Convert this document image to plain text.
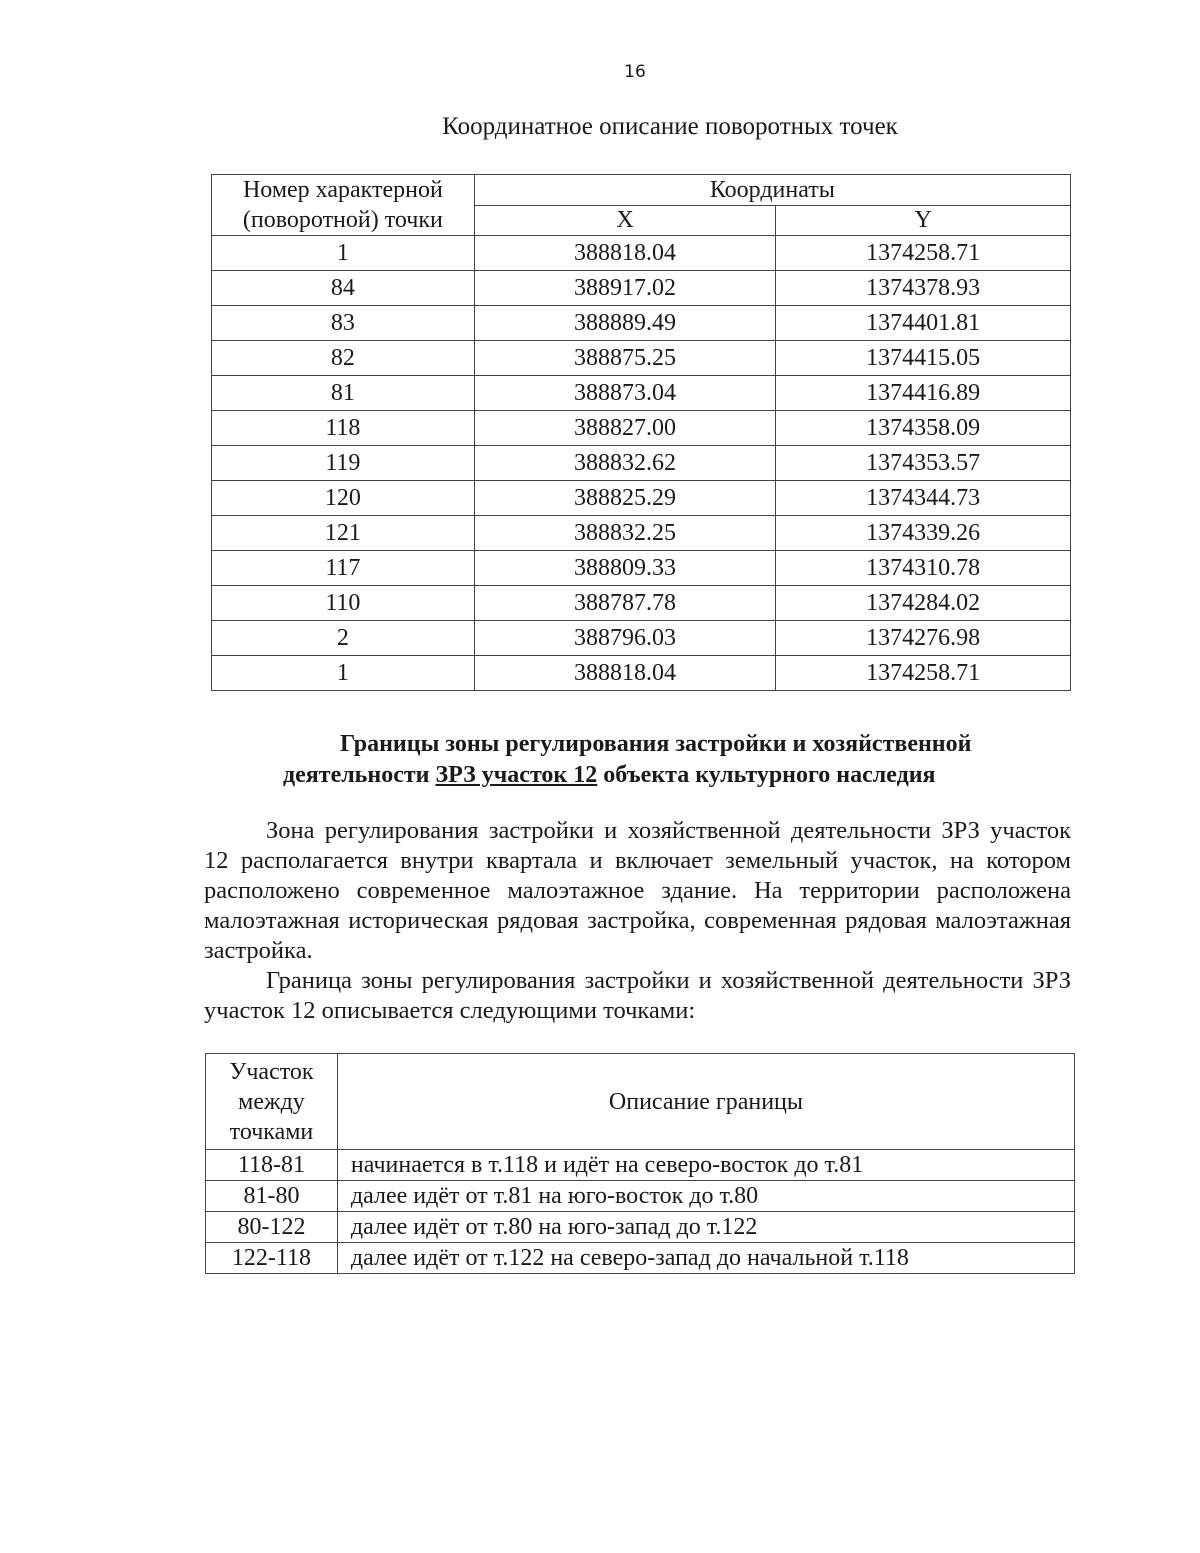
16
Координатное описание поворотных точек
Номер характерной
(поворотной) точки	Координаты	
	X	Y
1	388818.04	1374258.71
84	388917.02	1374378.93
83	388889.49	1374401.81
82	388875.25	1374415.05
81	388873.04	1374416.89
118	388827.00	1374358.09
119	388832.62	1374353.57
120	388825.29	1374344.73
121	388832.25	1374339.26
117	388809.33	1374310.78
110	388787.78	1374284.02
2	388796.03	1374276.98
1	388818.04	1374258.71
Границы зоны регулирования застройки и хозяйственной
деятельности ЗРЗ участок 12 объекта культурного наследия

Зона регулирования застройки и хозяйственной деятельности ЗРЗ участок 12 располагается внутри квартала и включает земельный участок, на котором расположено современное малоэтажное здание. На территории расположена малоэтажная историческая рядовая застройка, современная рядовая малоэтажная застройка.

Граница зоны регулирования застройки и хозяйственной деятельности ЗРЗ участок 12 описывается следующими точками:

Участок
между
точками	Описание границы
118-81	начинается в т.118 и идёт на северо-восток до т.81
81-80	далее идёт от т.81 на юго-восток до т.80
80-122	далее идёт от т.80 на юго-запад до т.122
122-118	далее идёт от т.122 на северо-запад до начальной т.118
